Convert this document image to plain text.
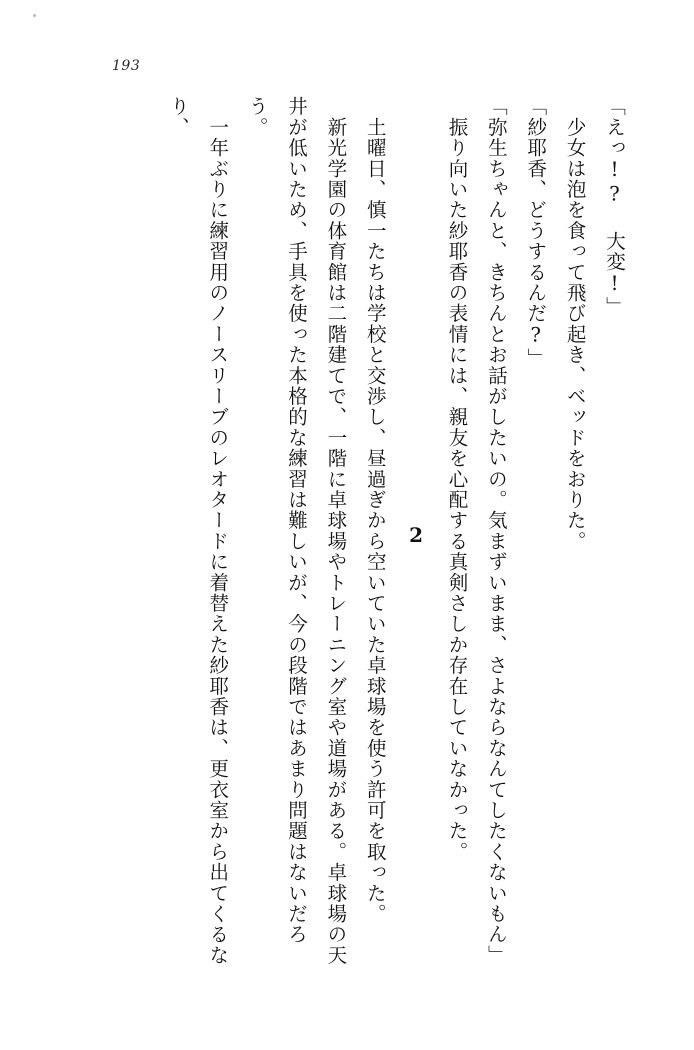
193

「えっ!? 大変!」

　少女は泡を食って飛び起き、ベッドをおりた。

「紗耶香、どうするんだ?」

「弥生ちゃんと、きちんとお話がしたいの。気まずいまま、さよならなんてしたくないもん」

　振り向いた紗耶香の表情には、親友を心配する真剣さしか存在していなかった。

2

　土曜日、慎一たちは学校と交渉し、昼過ぎから空いていた卓球場を使う許可を取った。

　新光学園の体育館は二階建てで、一階に卓球場やトレーニング室や道場がある。卓球場の天井が低いため、手具を使った本格的な練習は難しいが、今の段階ではあまり問題はないだろう。

　一年ぶりに練習用のノースリーブのレオタードに着替えた紗耶香は、更衣室から出てくるなり、
